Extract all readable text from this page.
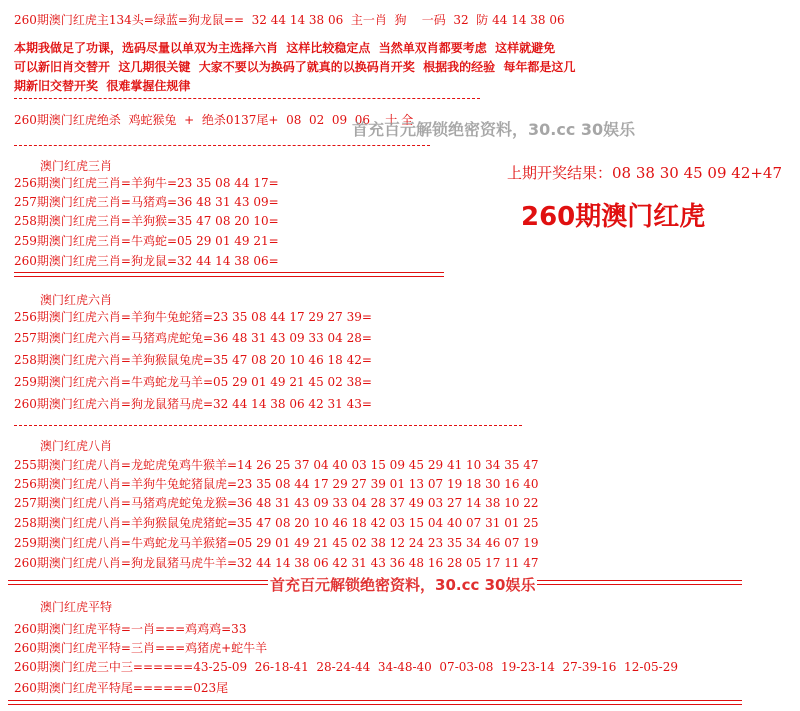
260期澳门红虎主134头=绿蓝=狗龙鼠==  32 44 14 38 06  主一肖  狗    一码  32  防 44 14 38 06
本期我做足了功课，选码尽量以单双为主选择六肖  这样比较稳定点  当然单双肖都要考虑  这样就避免
可以新旧肖交替开  这几期很关键  大家不要以为换码了就真的以换码肖开奖  根据我的经验  每年都是这几
期新旧交替开奖  很难掌握住规律
260期澳门红虎绝杀  鸡蛇猴兔  +  绝杀0137尾+  08  02  09  06    十 全
首充百元解锁绝密资料，30.cc 30娱乐
上期开奖结果：08 38 30 45 09 42+47
260期澳门红虎
澳门红虎三肖
256期澳门红虎三肖=羊狗牛=23 35 08 44 17=
257期澳门红虎三肖=马猪鸡=36 48 31 43 09=
258期澳门红虎三肖=羊狗猴=35 47 08 20 10=
259期澳门红虎三肖=牛鸡蛇=05 29 01 49 21=
260期澳门红虎三肖=狗龙鼠=32 44 14 38 06=
澳门红虎六肖
256期澳门红虎六肖=羊狗牛兔蛇猪=23 35 08 44 17 29 27 39=
257期澳门红虎六肖=马猪鸡虎蛇兔=36 48 31 43 09 33 04 28=
258期澳门红虎六肖=羊狗猴鼠兔虎=35 47 08 20 10 46 18 42=
259期澳门红虎六肖=牛鸡蛇龙马羊=05 29 01 49 21 45 02 38=
260期澳门红虎六肖=狗龙鼠猪马虎=32 44 14 38 06 42 31 43=
澳门红虎八肖
255期澳门红虎八肖=龙蛇虎兔鸡牛猴羊=14 26 25 37 04 40 03 15 09 45 29 41 10 34 35 47
256期澳门红虎八肖=羊狗牛兔蛇猪鼠虎=23 35 08 44 17 29 27 39 01 13 07 19 18 30 16 40
257期澳门红虎八肖=马猪鸡虎蛇兔龙猴=36 48 31 43 09 33 04 28 37 49 03 27 14 38 10 22
258期澳门红虎八肖=羊狗猴鼠兔虎猪蛇=35 47 08 20 10 46 18 42 03 15 04 40 07 31 01 25
259期澳门红虎八肖=牛鸡蛇龙马羊猴猪=05 29 01 49 21 45 02 38 12 24 23 35 34 46 07 19
260期澳门红虎八肖=狗龙鼠猪马虎牛羊=32 44 14 38 06 42 31 43 36 48 16 28 05 17 11 47
首充百元解锁绝密资料，30.cc 30娱乐
澳门红虎平特
260期澳门红虎平特=一肖===鸡鸡鸡=33
260期澳门红虎平特=三肖===鸡猪虎+蛇牛羊
260期澳门红虎三中三======43-25-09  26-18-41  28-24-44  34-48-40  07-03-08  19-23-14  27-39-16  12-05-29
260期澳门红虎平特尾======023尾
